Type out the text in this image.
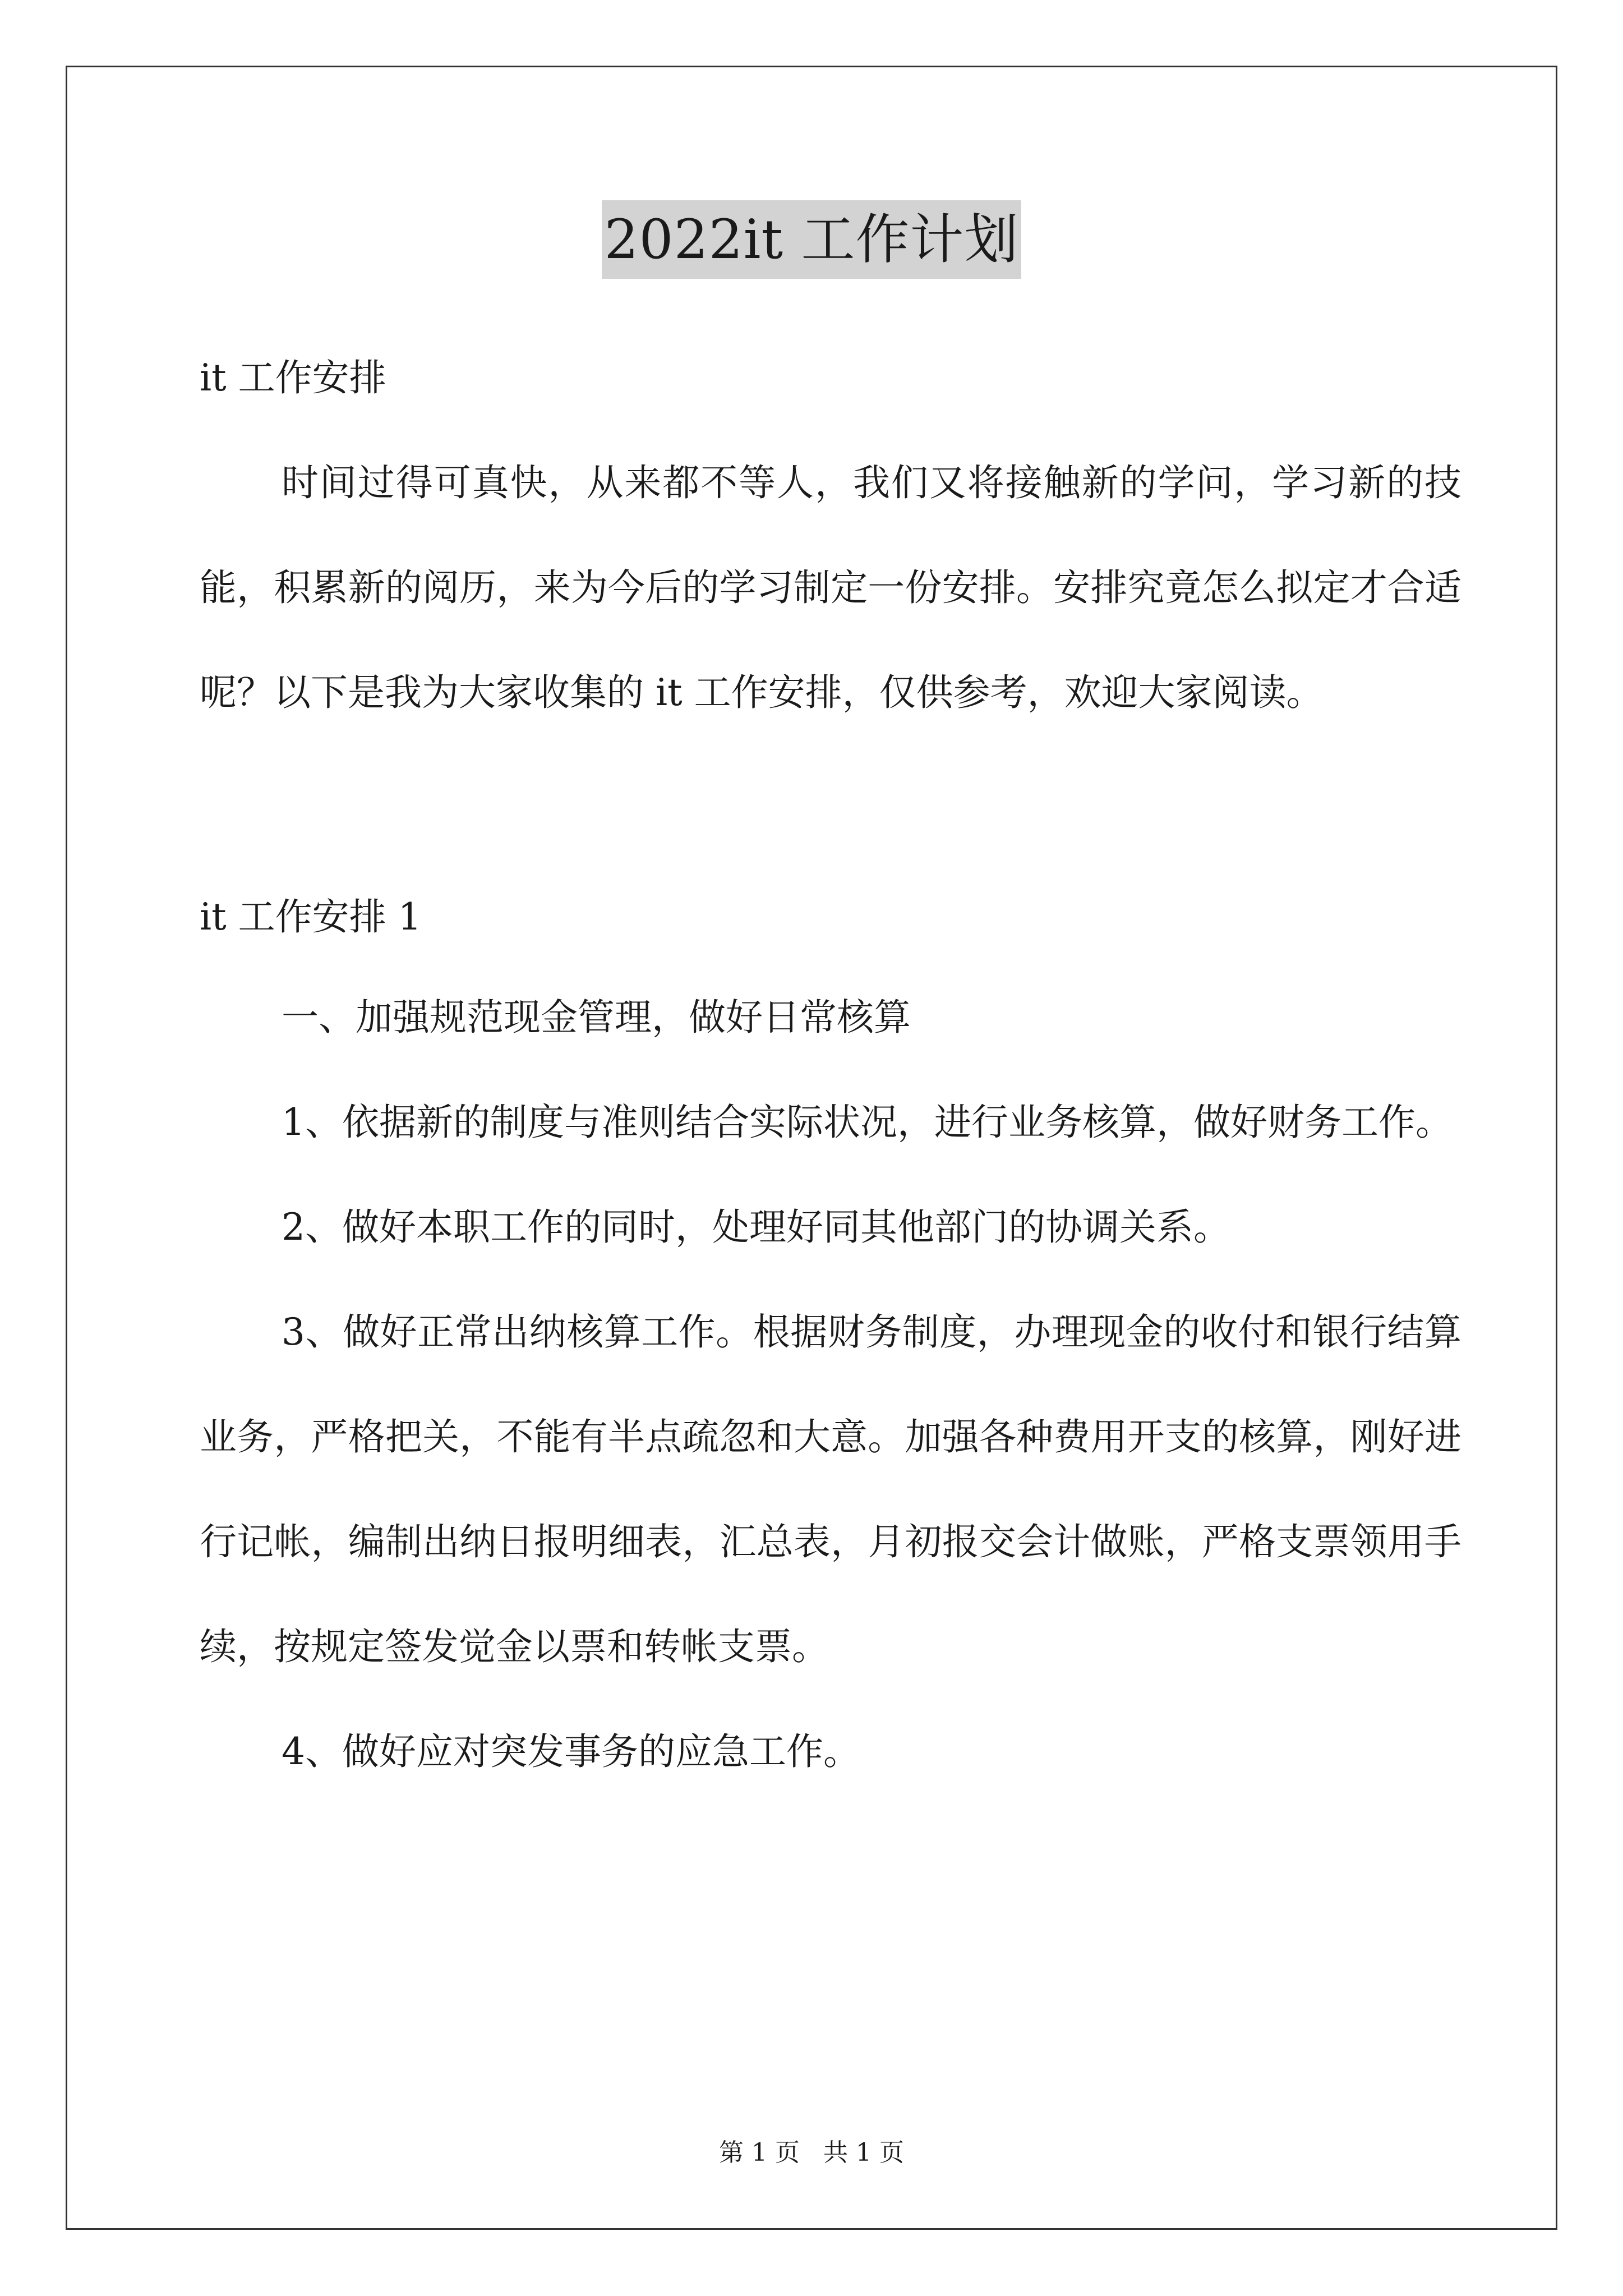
2022it 工作计划

it 工作安排

时间过得可真快，从来都不等人，我们又将接触新的学问，学习新的技能，积累新的阅历，来为今后的学习制定一份安排。安排究竟怎么拟定才合适呢？以下是我为大家收集的 it 工作安排，仅供参考，欢迎大家阅读。

it 工作安排 1

一、加强规范现金管理，做好日常核算

1、依据新的制度与准则结合实际状况，进行业务核算，做好财务工作。

2、做好本职工作的同时，处理好同其他部门的协调关系。

3、做好正常出纳核算工作。根据财务制度，办理现金的收付和银行结算业务，严格把关，不能有半点疏忽和大意。加强各种费用开支的核算，刚好进行记帐，编制出纳日报明细表，汇总表，月初报交会计做账，严格支票领用手续，按规定签发觉金以票和转帐支票。

4、做好应对突发事务的应急工作。

第 1 页   共 1 页
